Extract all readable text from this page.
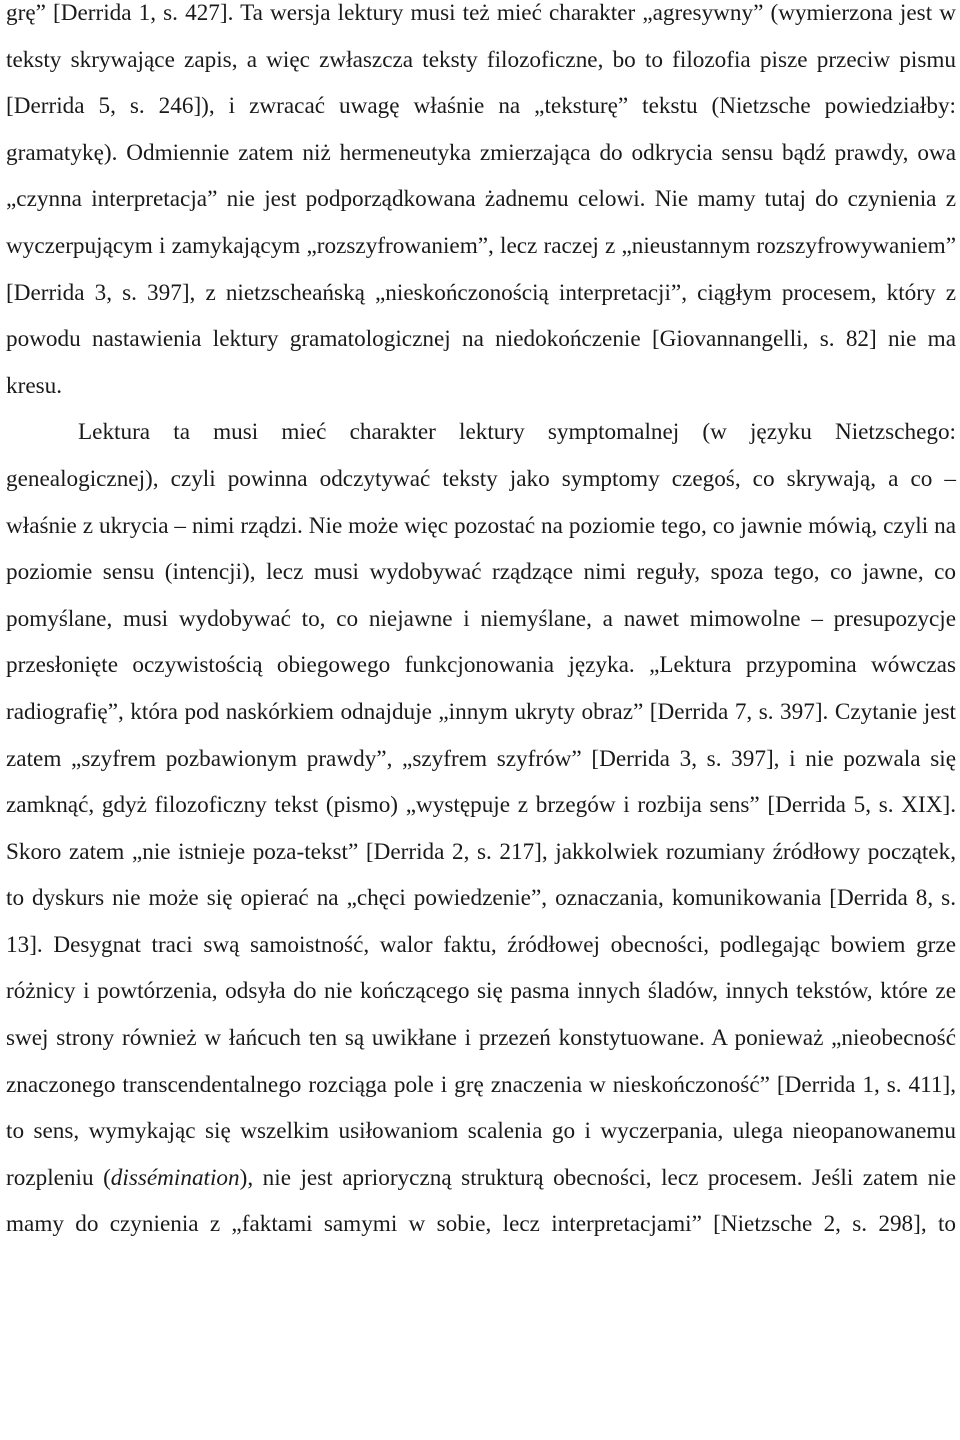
grę” [Derrida 1, s. 427]. Ta wersja lektury musi też mieć charakter „agresywny” (wymierzona jest w teksty skrywające zapis, a więc zwłaszcza teksty filozoficzne, bo to filozofia pisze przeciw pismu [Derrida 5, s. 246]), i zwracać uwagę właśnie na „teksturę” tekstu (Nietzsche powiedziałby: gramatykę). Odmiennie zatem niż hermeneutyka zmierzająca do odkrycia sensu bądź prawdy, owa „czynna interpretacja” nie jest podporządkowana żadnemu celowi. Nie mamy tutaj do czynienia z wyczerpującym i zamykającym „rozszyfrowaniem”, lecz raczej z „nieustannym rozszyfrowywaniem” [Derrida 3, s. 397], z nietzscheańską „nieskończonością interpretacji”, ciągłym procesem, który z powodu nastawienia lektury gramatologicznej na niedokończenie [Giovannangelli, s. 82] nie ma kresu.

Lektura ta musi mieć charakter lektury symptomalnej (w języku Nietzschego: genealogicznej), czyli powinna odczytywać teksty jako symptomy czegoś, co skrywają, a co – właśnie z ukrycia – nimi rządzi. Nie może więc pozostać na poziomie tego, co jawnie mówią, czyli na poziomie sensu (intencji), lecz musi wydobywać rządzące nimi reguły, spoza tego, co jawne, co pomyślane, musi wydobywać to, co niejawne i niemyślane, a nawet mimowolne – presupozycje przesłonięte oczywistością obiegowego funkcjonowania języka. „Lektura przypomina wówczas radiografię”, która pod naskórkiem odnajduje „innym ukryty obraz” [Derrida 7, s. 397]. Czytanie jest zatem „szyfrem pozbawionym prawdy”, „szyfrem szyfrów” [Derrida 3, s. 397], i nie pozwala się zamknąć, gdyż filozoficzny tekst (pismo) „występuje z brzegów i rozbija sens” [Derrida 5, s. XIX]. Skoro zatem „nie istnieje poza-tekst” [Derrida 2, s. 217], jakkolwiek rozumiany źródłowy początek, to dyskurs nie może się opierać na „chęci powiedzenie”, oznaczania, komunikowania [Derrida 8, s. 13]. Desygnat traci swą samoistność, walor faktu, źródłowej obecności, podlegając bowiem grze różnicy i powtórzenia, odsyła do nie kończącego się pasma innych śladów, innych tekstów, które ze swej strony również w łańcuch ten są uwikłane i przezeń konstytuowane. A ponieważ „nieobecność znaczonego transcendentalnego rozciąga pole i grę znaczenia w nieskończoność” [Derrida 1, s. 411], to sens, wymykając się wszelkim usiłowaniom scalenia go i wyczerpania, ulega nieopanowanemu rozpleniu (dissémination), nie jest aprioryczną strukturą obecności, lecz procesem. Jeśli zatem nie mamy do czynienia z „faktami samymi w sobie, lecz interpretacjami” [Nietzsche 2, s. 298], to
